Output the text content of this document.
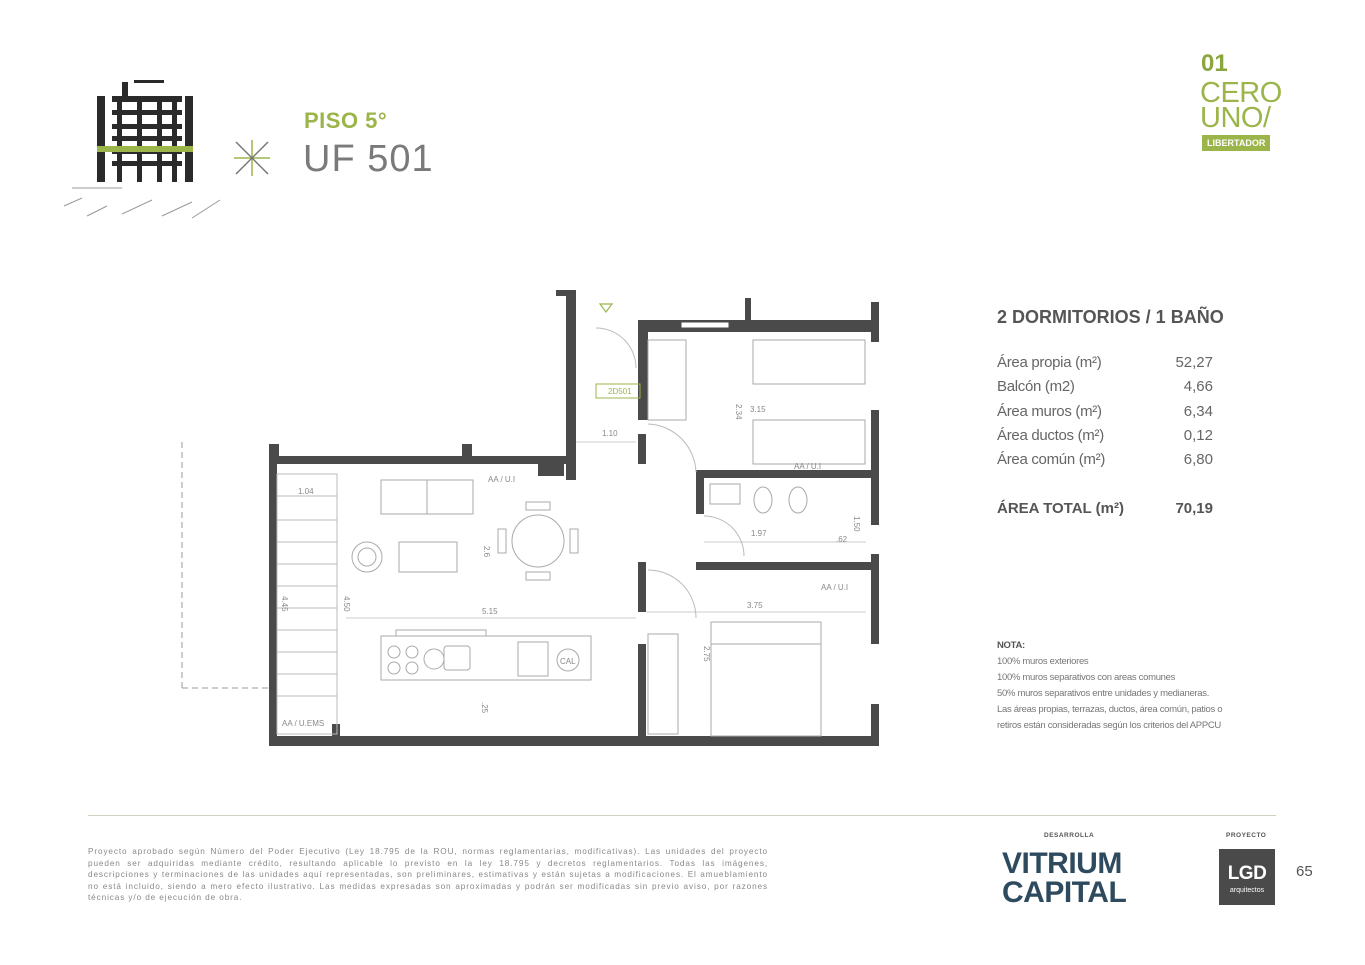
PISO 5°
UF 501
01
CERO
UNO/
LIBERTADOR
2D501
AA / U.I
AA / U.I
AA / U.I
AA / U.EMS
CAL
1.10
2.34 3.15
1.04
2.6
1.97
1.50
.62
5.15
4.50
4.45	3.75
2.75
.25
2 DORMITORIOS / 1 BAÑO
Área propia (m²)	52,27
Balcón (m2)	4,66
Área muros (m²)	6,34
Área ductos (m²)	0,12
Área común (m²)	6,80
ÁREA TOTAL (m²)	70,19
NOTA:
100% muros exteriores
100% muros separativos con areas comunes
50% muros separativos entre unidades y medianeras.
Las áreas propias, terrazas, ductos, área común, patios o
retiros están consideradas según los criterios del APPCU
Proyecto aprobado según Número del Poder Ejecutivo (Ley 18.795 de la ROU, normas reglamentarias, modificativas). Las unidades del proyecto pueden ser adquiridas mediante crédito, resultando aplicable lo previsto en la ley 18.795 y decretos reglamentarios. Todas las imágenes, descripciones y terminaciones de las unidades aquí representadas, son preliminares, estimativas y están sujetas a modificaciones. El amueblamiento no está incluido, siendo a mero efecto ilustrativo. Las medidas expresadas son aproximadas y podrán ser modificadas sin previo aviso, por razones técnicas y/o de ejecución de obra.
DESARROLLA
VITRIUM
CAPITAL
PROYECTO
LGD
arquitectos
65
